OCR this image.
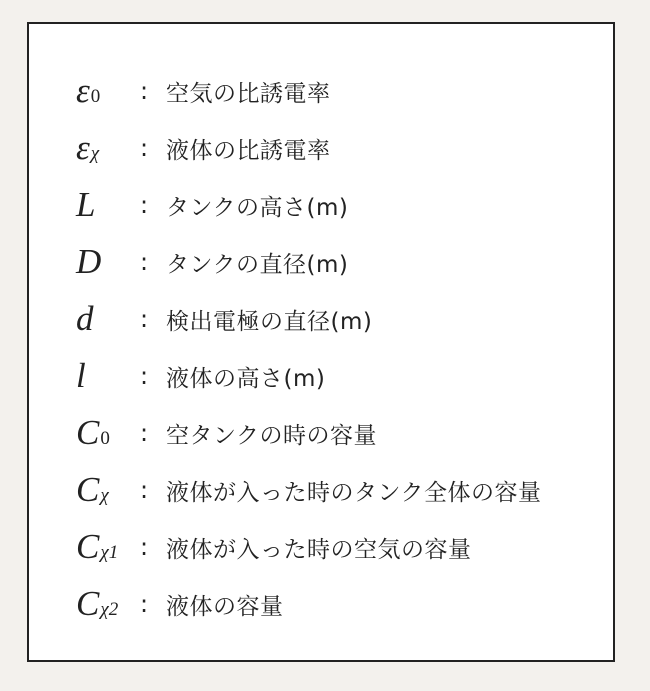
ε 0 : 空気の比誘電率
ε χ : 液体の比誘電率
L : タンクの高さ(m)
D : タンクの直径(m)
d : 検出電極の直径(m)
l : 液体の高さ(m)
C 0 : 空タンクの時の容量
C χ : 液体が入った時のタンク全体の容量
C χ1 : 液体が入った時の空気の容量
C χ2 : 液体の容量
